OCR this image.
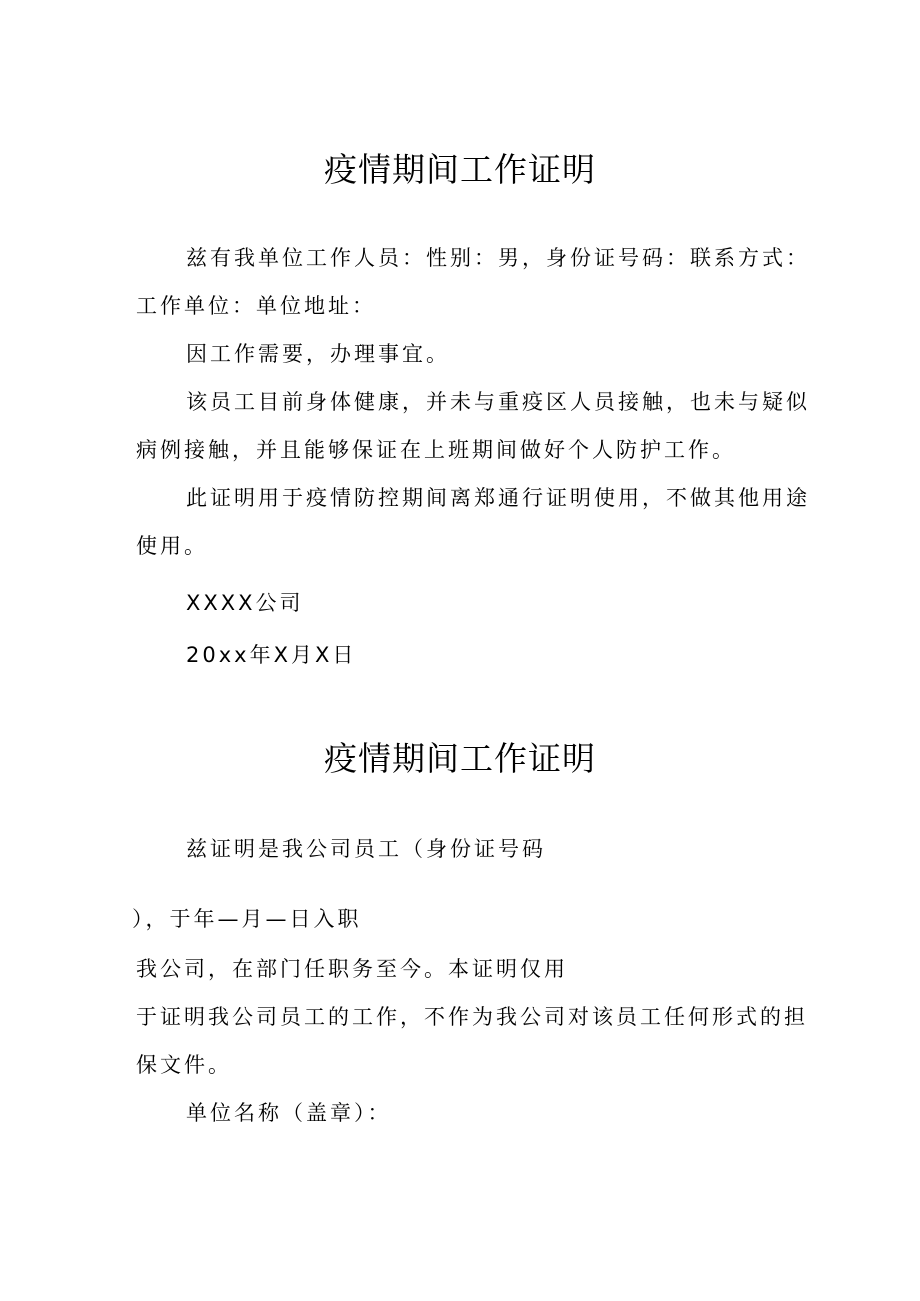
疫情期间工作证明
兹有我单位工作人员：性别：男，身份证号码：联系方式：
工作单位：单位地址：
因工作需要，办理事宜。
该员工目前身体健康，并未与重疫区人员接触，也未与疑似
病例接触，并且能够保证在上班期间做好个人防护工作。
此证明用于疫情防控期间离郑通行证明使用，不做其他用途
使用。
XXXX公司
20xx年X月X日
疫情期间工作证明
兹证明是我公司员工（身份证号码
），于年—月—日入职
我公司，在部门任职务至今。本证明仅用
于证明我公司员工的工作，不作为我公司对该员工任何形式的担
保文件。
单位名称（盖章）：
